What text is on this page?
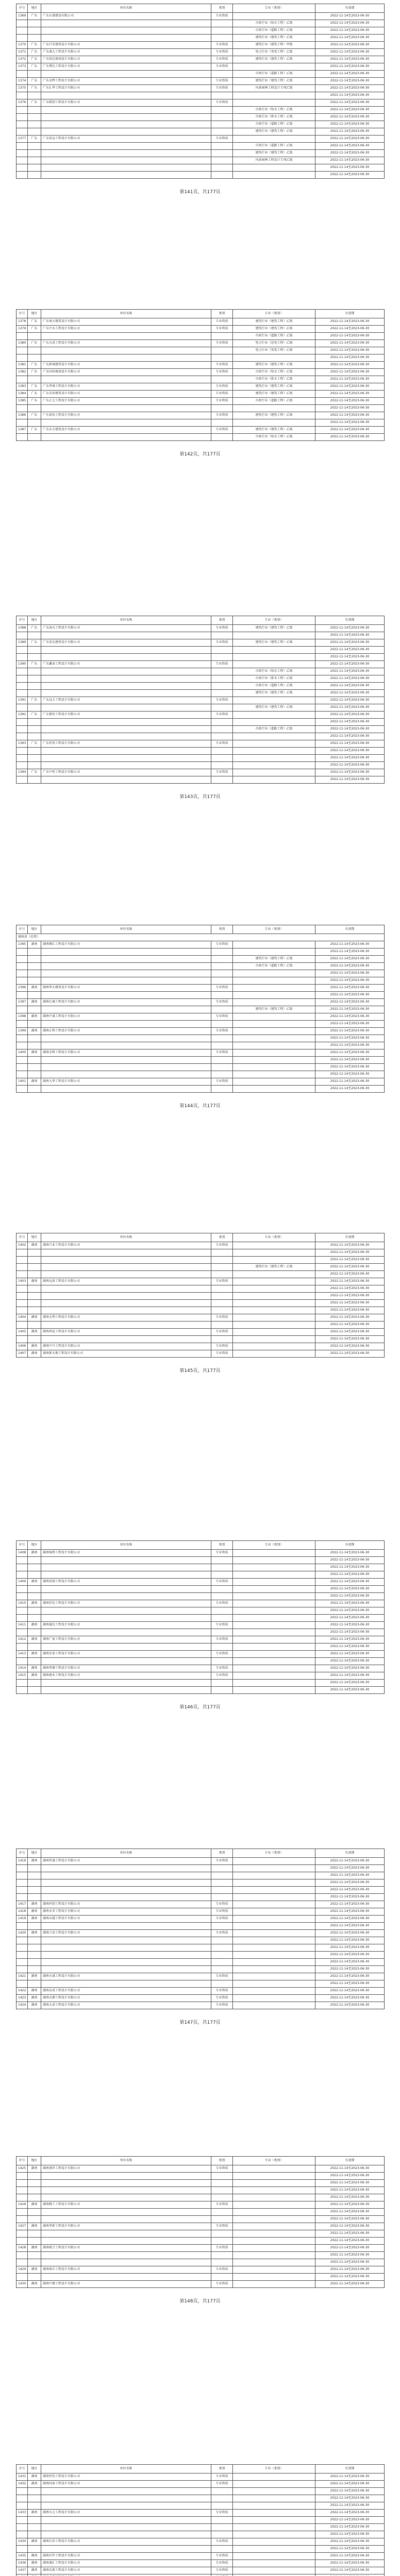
序号	地区	单位名称	类别	专业（类别）	有效期
1369	广东	广东东盛建设有限公司	专业资质		2022-11-14至2023-06-30
				市政行业（给水工程）乙级	2022-11-14至2023-06-30
				市政行业（道路工程）乙级	2022-11-14至2023-06-30
				建筑行业（建筑工程）乙级	2022-11-14至2023-06-30
1370	广东	广东巨安建筑设计有限公司	专业资质	建筑行业（建筑工程）甲级	2022-11-14至2023-06-30
1371	广东	广东盛大工程设计有限公司	专业资质	电力行业（变电工程）乙级	2022-11-14至2023-06-30
1372	广东	广东绿色规划设计有限公司	专业资质	建筑行业（建筑工程）乙级	2022-11-14至2023-06-30
1373	广东	广东博达工程设计有限公司	专业资质		2022-11-14至2023-06-30
				市政行业（道路工程）乙级	2022-11-14至2023-06-30
1374	广东	广东金辉工程设计有限公司	专业资质	建筑行业（建筑工程）乙级	2022-11-14至2023-06-30
1375	广东	广东汇华工程设计有限公司	专业资质	风景园林工程设计专项乙级	2022-11-14至2023-06-30
					2022-11-14至2023-06-30
1376	广东	广东联创工程设计有限公司	专业资质		2022-11-14至2023-06-30
				市政行业（给水工程）乙级	2022-11-14至2023-06-30
				市政行业（排水工程）乙级	2022-11-14至2023-06-30
				市政行业（道路工程）乙级	2022-11-14至2023-06-30
				建筑行业（建筑工程）乙级	2022-11-14至2023-06-30
1377	广东	广东宏远工程设计有限公司	专业资质		2022-11-14至2023-06-30
				市政行业（道路工程）乙级	2022-11-14至2023-06-30
				建筑行业（建筑工程）乙级	2022-11-14至2023-06-30
				风景园林工程设计专项乙级	2022-11-14至2023-06-30
					2022-11-14至2023-06-30
					2022-11-14至2023-06-30
序号	地区	单位名称	类别	专业（类别）	有效期
1378	广东	广东南方建筑设计有限公司	专业资质	建筑行业（建筑工程）乙级	2022-11-14至2023-06-30
1379	广东	广东中天工程设计有限公司	专业资质	建筑行业（建筑工程）乙级	2022-11-14至2023-06-30
				市政行业（道路工程）乙级	2022-11-14至2023-06-30
1380	广东	广东天成工程设计有限公司	专业资质	电力行业（送电工程）乙级	2022-11-14至2023-06-30
				电力行业（变电工程）乙级	2022-11-14至2023-06-30
					2022-11-14至2023-06-30
1381	广东	广东新城建筑设计有限公司	专业资质	建筑行业（建筑工程）乙级	2022-11-14至2023-06-30
1382	广东	广东国信规划设计有限公司	专业资质	市政行业（给水工程）乙级	2022-11-14至2023-06-30
				市政行业（排水工程）乙级	2022-11-14至2023-06-30
1383	广东	广东华盛工程设计有限公司	专业资质	建筑行业（建筑工程）乙级	2022-11-14至2023-06-30
1384	广东	广东安居建筑设计有限公司	专业资质	建筑行业（建筑工程）乙级	2022-11-14至2023-06-30
1385	广东	广东正元工程设计有限公司	专业资质	市政行业（道路工程）乙级	2022-11-14至2023-06-30
					2022-11-14至2023-06-30
1386	广东	广东盈信工程设计有限公司	专业资质	建筑行业（建筑工程）乙级	2022-11-14至2023-06-30
					2022-11-14至2023-06-30
1387	广东	广东东方建筑设计有限公司	专业资质	建筑行业（建筑工程）乙级	2022-11-14至2023-06-30
				市政行业（给水工程）乙级	2022-11-14至2023-06-30
序号	地区	单位名称	类别	专业（类别）	有效期
1388	广东	广东海天工程设计有限公司	专业资质	建筑行业（建筑工程）乙级	2022-11-14至2023-06-30
					2022-11-14至2023-06-30
1389	广东	广东宏达建筑设计有限公司	专业资质	建筑行业（建筑工程）乙级	2022-11-14至2023-06-30
					2022-11-14至2023-06-30
					2022-11-14至2023-06-30
1390	广东	广东鑫泰工程设计有限公司	专业资质		2022-11-14至2023-06-30
				市政行业（给水工程）乙级	2022-11-14至2023-06-30
				市政行业（排水工程）乙级	2022-11-14至2023-06-30
				市政行业（道路工程）乙级	2022-11-14至2023-06-30
				建筑行业（建筑工程）乙级	2022-11-14至2023-06-30
1391	广东	广东远大工程设计有限公司	专业资质		2022-11-14至2023-06-30
				建筑行业（建筑工程）乙级	2022-11-14至2023-06-30
1392	广东	广东建信工程设计有限公司	专业资质		2022-11-14至2023-06-30
					2022-11-14至2023-06-30
				市政行业（道路工程）乙级	2022-11-14至2023-06-30
					2022-11-14至2023-06-30
1393	广东	广东恒基工程设计有限公司	专业资质		2022-11-14至2023-06-30
					2022-11-14至2023-06-30
					2022-11-14至2023-06-30
					2022-11-14至2023-06-30
1394	广东	广东中恒工程设计有限公司	专业资质		2022-11-14至2023-06-30
					2022-11-14至2023-06-30
序号	地区	单位名称	类别	专业（类别）	有效期
湖南省（后续）					
1395	湖南	湖南湘江工程设计有限公司	专业资质		2022-11-14至2023-06-30
					2022-11-14至2023-06-30
				建筑行业（建筑工程）乙级	2022-11-14至2023-06-30
				市政行业（道路工程）乙级	2022-11-14至2023-06-30
					2022-11-14至2023-06-30
					2022-11-14至2023-06-30
1396	湖南	湖南华天建筑设计有限公司	专业资质		2022-11-14至2023-06-30
					2022-11-14至2023-06-30
1397	湖南	湖南长城工程设计有限公司	专业资质		2022-11-14至2023-06-30
				建筑行业（建筑工程）乙级	2022-11-14至2023-06-30
1398	湖南	湖南中诚工程设计有限公司	专业资质		2022-11-14至2023-06-30
					2022-11-14至2023-06-30
1399	湖南	湖南正和工程设计有限公司	专业资质		2022-11-14至2023-06-30
					2022-11-14至2023-06-30
					2022-11-14至2023-06-30
1400	湖南	湖南金桥工程设计有限公司	专业资质		2022-11-14至2023-06-30
					2022-11-14至2023-06-30
					2022-11-14至2023-06-30
					2022-11-14至2023-06-30
1401	湖南	湖南大华工程设计有限公司	专业资质		2022-11-14至2023-06-30
					2022-11-14至2023-06-30
序号	地区	单位名称	类别	专业（类别）	有效期
1402	湖南	湖南兴业工程设计有限公司	专业资质		2022-11-14至2023-06-30
					2022-11-14至2023-06-30
					2022-11-14至2023-06-30
				建筑行业（建筑工程）乙级	2022-11-14至2023-06-30
					2022-11-14至2023-06-30
1403	湖南	湖南远景工程设计有限公司	专业资质		2022-11-14至2023-06-30
					2022-11-14至2023-06-30
					2022-11-14至2023-06-30
					2022-11-14至2023-06-30
					2022-11-14至2023-06-30
1404	湖南	湖南天利工程设计有限公司	专业资质		2022-11-14至2023-06-30
					2022-11-14至2023-06-30
1405	湖南	湖南鸿运工程设计有限公司	专业资质		2022-11-14至2023-06-30
					2022-11-14至2023-06-30
1406	湖南	湖南中兴工程设计有限公司	专业资质		2022-11-14至2023-06-30
1407	湖南	湖南新天地工程设计有限公司	专业资质		2022-11-14至2023-06-30
序号	地区	单位名称	类别	专业（类别）	有效期
1408	湖南	湖南锦绣工程设计有限公司	专业资质		2022-11-14至2023-06-30
					2022-11-14至2023-06-30
					2022-11-14至2023-06-30
					2022-11-14至2023-06-30
1409	湖南	湖南宏图工程设计有限公司	专业资质		2022-11-14至2023-06-30
					2022-11-14至2023-06-30
					2022-11-14至2023-06-30
1410	湖南	湖南信达工程设计有限公司	专业资质		2022-11-14至2023-06-30
					2022-11-14至2023-06-30
					2022-11-14至2023-06-30
1411	湖南	湖南通达工程设计有限公司	专业资质		2022-11-14至2023-06-30
					2022-11-14至2023-06-30
1412	湖南	湖南广厦工程设计有限公司	专业资质		2022-11-14至2023-06-30
					2022-11-14至2023-06-30
1413	湖南	湖南安泰工程设计有限公司	专业资质		2022-11-14至2023-06-30
					2022-11-14至2023-06-30
1414	湖南	湖南华源工程设计有限公司	专业资质		2022-11-14至2023-06-30
1415	湖南	湖南建业工程设计有限公司	专业资质		2022-11-14至2023-06-30
					2022-11-14至2023-06-30
					2022-11-14至2023-06-30
序号	地区	单位名称	类别	专业（类别）	有效期
1416	湖南	湖南恒通工程设计有限公司	专业资质		2022-11-14至2023-06-30
					2022-11-14至2023-06-30
					2022-11-14至2023-06-30
					2022-11-14至2023-06-30
					2022-11-14至2023-06-30
					2022-11-14至2023-06-30
1417	湖南	湖南同创工程设计有限公司	专业资质		2022-11-14至2023-06-30
1418	湖南	湖南永安工程设计有限公司	专业资质		2022-11-14至2023-06-30
1419	湖南	湖南卓越工程设计有限公司	专业资质		2022-11-14至2023-06-30
					2022-11-14至2023-06-30
1420	湖南	湖南立信工程设计有限公司	专业资质		2022-11-14至2023-06-30
					2022-11-14至2023-06-30
					2022-11-14至2023-06-30
					2022-11-14至2023-06-30
					2022-11-14至2023-06-30
					2022-11-14至2023-06-30
1421	湖南	湖南天诚工程设计有限公司	专业资质		2022-11-14至2023-06-30
					2022-11-14至2023-06-30
1422	湖南	湖南众成工程设计有限公司	专业资质		2022-11-14至2023-06-30
1423	湖南	湖南金源工程设计有限公司	专业资质		2022-11-14至2023-06-30
1424	湖南	湖南大成工程设计有限公司	专业资质		2022-11-14至2023-06-30
序号	地区	单位名称	类别	专业（类别）	有效期
1425	湖南	湖南盛世工程设计有限公司	专业资质		2022-11-14至2023-06-30
					2022-11-14至2023-06-30
					2022-11-14至2023-06-30
					2022-11-14至2023-06-30
					2022-11-14至2023-06-30
1426	湖南	湖南精工工程设计有限公司	专业资质		2022-11-14至2023-06-30
					2022-11-14至2023-06-30
					2022-11-14至2023-06-30
1427	湖南	湖南华新工程设计有限公司	专业资质		2022-11-14至2023-06-30
					2022-11-14至2023-06-30
					2022-11-14至2023-06-30
1428	湖南	湖南联合工程设计有限公司	专业资质		2022-11-14至2023-06-30
					2022-11-14至2023-06-30
					2022-11-14至2023-06-30
1429	湖南	湖南瑞丰工程设计有限公司	专业资质		2022-11-14至2023-06-30
					2022-11-14至2023-06-30
1430	湖南	湖南中建工程设计有限公司	专业资质		2022-11-14至2023-06-30
序号	地区	单位名称	类别	专业（类别）	有效期
1431	湖南	湖南恒信工程设计有限公司	专业资质		2022-11-14至2023-06-30
1432	湖南	湖南国泰工程设计有限公司	专业资质		2022-11-14至2023-06-30
					2022-11-14至2023-06-30
					2022-11-14至2023-06-30
					2022-11-14至2023-06-30
1433	湖南	湖南天元工程设计有限公司	专业资质		2022-11-14至2023-06-30
					2022-11-14至2023-06-30
					2022-11-14至2023-06-30
					2022-11-14至2023-06-30
1434	湖南	湖南长信工程设计有限公司	专业资质		2022-11-14至2023-06-30
					2022-11-14至2023-06-30
1435	湖南	湖南百年工程设计有限公司	专业资质		2022-11-14至2023-06-30
1436	湖南	湖南通汇工程设计有限公司	专业资质		2022-11-14至2023-06-30
1437	湖南	湖南弘毅工程设计有限公司	专业资质		2022-11-14至2023-06-30

第141页，共177页
第142页，共177页
第143页，共177页
第144页，共177页
第145页，共177页
第146页，共177页
第147页，共177页
第148页，共177页
